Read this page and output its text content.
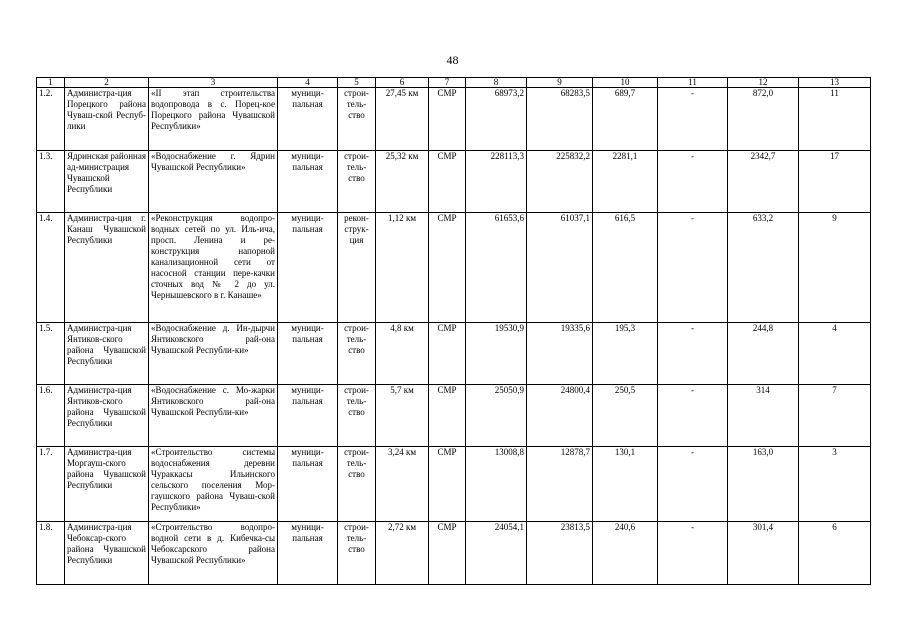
48
1	2	3	4	5	6	7	8	9	10	11	12	13
1.2.	Администра-ция Порецкого района Чуваш-ской Респуб-лики	«II этап строительства водопровода в с. Порец-кое Порецкого района Чувашской Республики»	муници-пальная	строи-тель-ство	27,45 км	СМР	68973,2	68283,5	689,7	-	872,0	11
1.3.	Ядринская районная ад-министрация Чувашской Республики	«Водоснабжение г. Ядрин Чувашской Республики»	муници-пальная	строи-тель-ство	25,32 км	СМР	228113,3	225832,2	2281,1	-	2342,7	17
1.4.	Администра-ция г. Канаш Чувашской Республики	«Реконструкция водопро-водных сетей по ул. Иль-ича, просп. Ленина и ре-конструкция напорной канализационной сети от насосной станции пере-качки сточных вод № 2 до ул. Чернышевского в г. Канаше»	муници-пальная	рекон-струк-ция	1,12 км	СМР	61653,6	61037,1	616,5	-	633,2	9
1.5.	Администра-ция Янтиков-ского района Чувашской Республики	«Водоснабжение д. Ин-дырчи Янтиковского рай-она Чувашской Республи-ки»	муници-пальная	строи-тель-ство	4,8 км	СМР	19530,9	19335,6	195,3	-	244,8	4
1.6.	Администра-ция Янтиков-ского района Чувашской Республики	«Водоснабжение с. Мо-жарки Янтиковского рай-она Чувашской Республи-ки»	муници-пальная	строи-тель-ство	5,7 км	СМР	25050,9	24800,4	250,5	-	314	7
1.7.	Администра-ция Моргауш-ского района Чувашской Республики	«Строительство системы водоснабжения деревни Чураккасы Ильинского сельского поселения Мор-гаушского района Чуваш-ской Республики»	муници-пальная	строи-тель-ство	3,24 км	СМР	13008,8	12878,7	130,1	-	163,0	3
1.8.	Администра-ция Чебоксар-ского района Чувашской Республики	«Строительство водопро-водной сети в д. Кибечка-сы Чебоксарского района Чувашской Республики»	муници-пальная	строи-тель-ство	2,72 км	СМР	24054,1	23813,5	240,6	-	301,4	6
